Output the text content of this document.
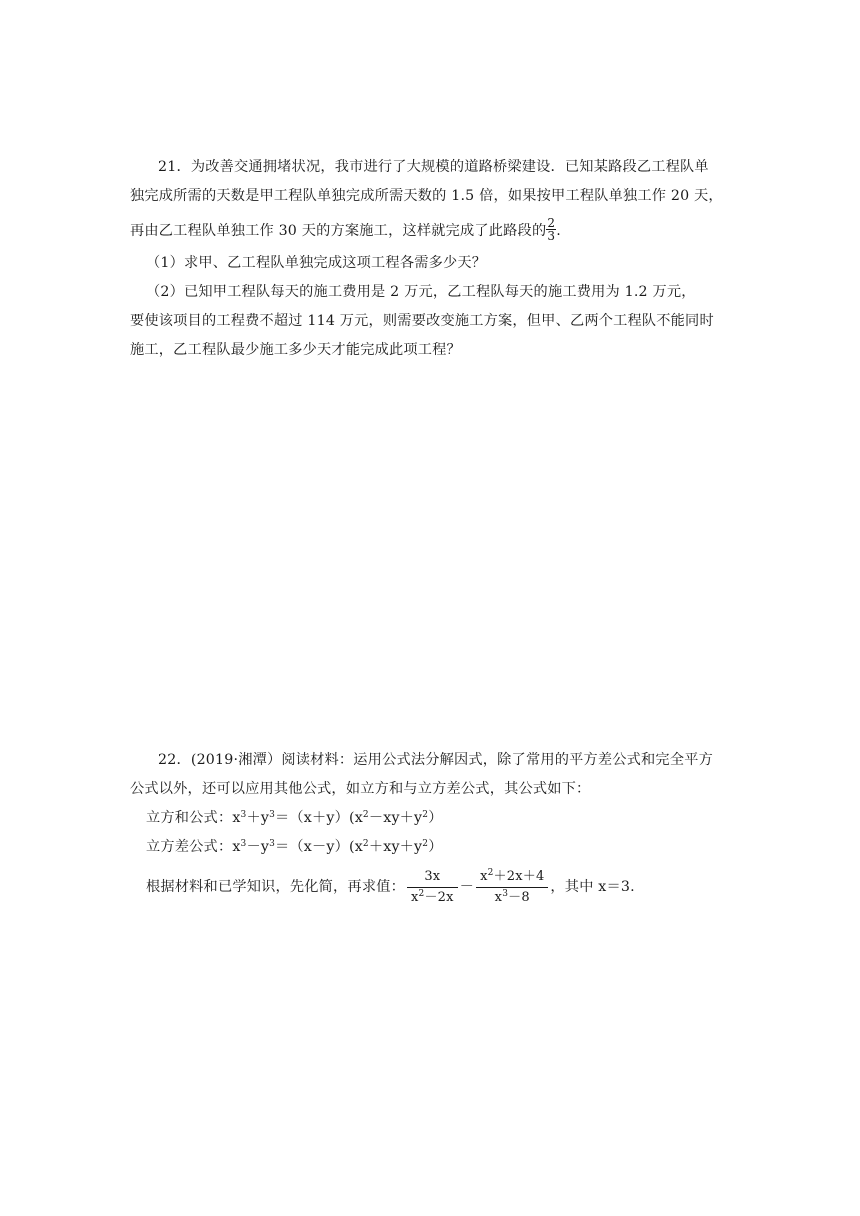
21．为改善交通拥堵状况，我市进行了大规模的道路桥梁建设．已知某路段乙工程队单
独完成所需的天数是甲工程队单独完成所需天数的 1.5 倍，如果按甲工程队单独工作 20 天，
再由乙工程队单独工作 30 天的方案施工，这样就完成了此路段的 $\frac{2}{3}$ .
（1）求甲、乙工程队单独完成这项工程各需多少天？
（2）已知甲工程队每天的施工费用是 2 万元，乙工程队每天的施工费用为 1.2 万元，
要使该项目的工程费不超过 114 万元，则需要改变施工方案，但甲、乙两个工程队不能同时
施工，乙工程队最少施工多少天才能完成此项工程？
22．(2019·湘潭）阅读材料：运用公式法分解因式，除了常用的平方差公式和完全平方
公式以外，还可以应用其他公式，如立方和与立方差公式，其公式如下：
立方和公式：$x^3+y^3=(x+y)(x^2-xy+y^2)$
立方差公式：$x^3-y^3=(x-y)(x^2+xy+y^2)$
根据材料和已学知识，先化简，再求值： $\frac{3x}{x^2-2x} - \frac{x^2+2x+4}{x^3-8}$ ，其中 x＝3.
